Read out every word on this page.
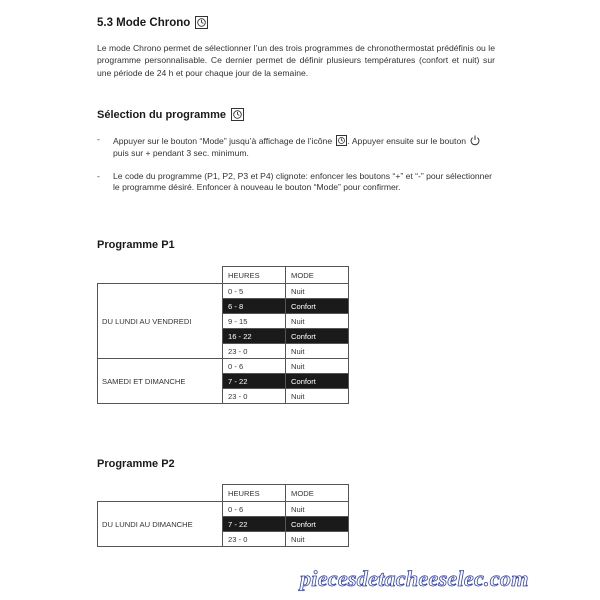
5.3 Mode Chrono

Le mode Chrono permet de sélectionner l’un des trois programmes de chronothermostat prédéfinis ou le programme personnalisable. Ce dernier permet de définir plusieurs températures (confort et nuit) sur une période de 24 h et pour chaque jour de la semaine.

Sélection du programme
- Appuyer sur le bouton “Mode” jusqu’à affichage de l’icône . Appuyer ensuite sur le bouton  puis sur + pendant 3 sec. minimum.
- Le code du programme (P1, P2, P3 et P4) clignote: enfoncer les boutons “+” et “-” pour sélectionner le programme désiré. Enfoncer à nouveau le bouton “Mode” pour confirmer.
Programme P1
	HEURES	MODE
DU LUNDI AU VENDREDI	0 - 5	Nuit
	6 - 8	Confort
	9 - 15	Nuit
	16 - 22	Confort
	23 - 0	Nuit
SAMEDI ET DIMANCHE	0 - 6	Nuit
	7 - 22	Confort
	23 - 0	Nuit
Programme P2
	HEURES	MODE
DU LUNDI AU DIMANCHE	0 - 6	Nuit
	7 - 22	Confort
	23 - 0	Nuit
piecesdetacheeselec.com
